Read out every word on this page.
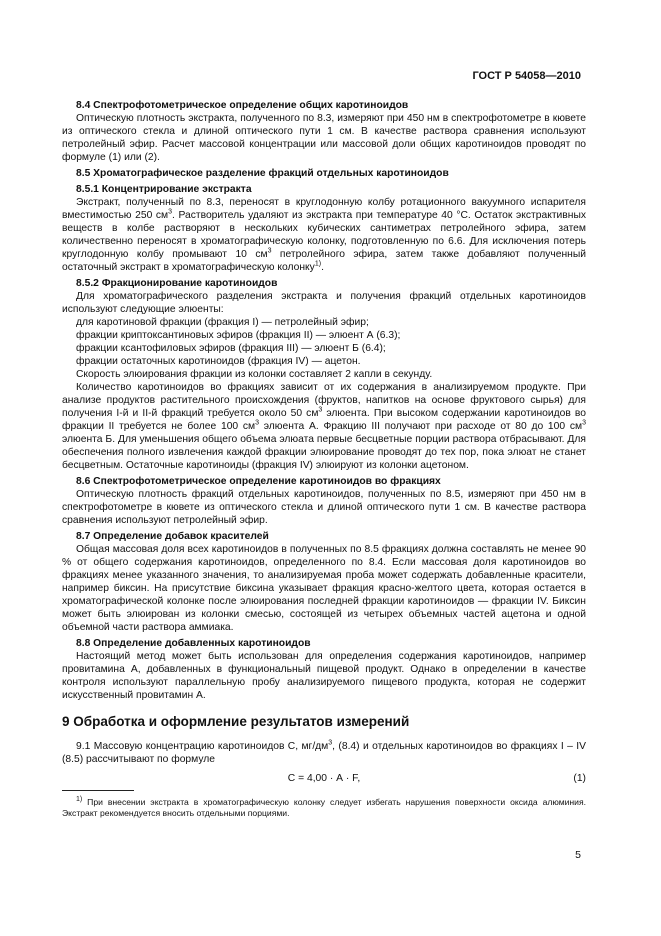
ГОСТ Р 54058—2010
8.4 Спектрофотометрическое определение общих каротиноидов

Оптическую плотность экстракта, полученного по 8.3, измеряют при 450 нм в спектрофотометре в кювете из оптического стекла и длиной оптического пути 1 см. В качестве раствора сравнения используют петролейный эфир. Расчет массовой концентрации или массовой доли общих каротиноидов проводят по формуле (1) или (2).

8.5 Хроматографическое разделение фракций отдельных каротиноидов
8.5.1 Концентрирование экстракта

Экстракт, полученный по 8.3, переносят в круглодонную колбу ротационного вакуумного испарителя вместимостью 250 $см^3$. Растворитель удаляют из экстракта при температуре 40 °С. Остаток экстрактивных веществ в колбе растворяют в нескольких кубических сантиметрах петролейного эфира, затем количественно переносят в хроматографическую колонку, подготовленную по 6.6. Для исключения потерь круглодонную колбу промывают 10 $см^3$ петролейного эфира, затем также добавляют полученный остаточный экстракт в хроматографическую колонку$^{1)}$.

8.5.2 Фракционирование каротиноидов

Для хроматографического разделения экстракта и получения фракций отдельных каротиноидов используют следующие элюенты:

для каротиновой фракции (фракция I) — петролейный эфир;
фракции криптоксантиновых эфиров (фракция II) — элюент А (6.3);
фракции ксантофиловых эфиров (фракция III) — элюент Б (6.4);
фракции остаточных каротиноидов (фракция IV) — ацетон.

Скорость элюирования фракции из колонки составляет 2 капли в секунду.

Количество каротиноидов во фракциях зависит от их содержания в анализируемом продукте. При анализе продуктов растительного происхождения (фруктов, напитков на основе фруктового сырья) для получения I-й и II-й фракций требуется около 50 $см^3$ элюента. При высоком содержании каротиноидов во фракции II требуется не более 100 $см^3$ элюента А. Фракцию III получают при расходе от 80 до 100 $см^3$ элюента Б. Для уменьшения общего объема элюата первые бесцветные порции раствора отбрасывают. Для обеспечения полного извлечения каждой фракции элюирование проводят до тех пор, пока элюат не станет бесцветным. Остаточные каротиноиды (фракция IV) элюируют из колонки ацетоном.

8.6 Спектрофотометрическое определение каротиноидов во фракциях

Оптическую плотность фракций отдельных каротиноидов, полученных по 8.5, измеряют при 450 нм в спектрофотометре в кювете из оптического стекла и длиной оптического пути 1 см. В качестве раствора сравнения используют петролейный эфир.

8.7 Определение добавок красителей

Общая массовая доля всех каротиноидов в полученных по 8.5 фракциях должна составлять не менее 90 % от общего содержания каротиноидов, определенного по 8.4. Если массовая доля каротиноидов во фракциях менее указанного значения, то анализируемая проба может содержать добавленные красители, например биксин. На присутствие биксина указывает фракция красно-желтого цвета, которая остается в хроматографической колонке после элюирования последней фракции каротиноидов — фракции IV. Биксин может быть элюирован из колонки смесью, состоящей из четырех объемных частей ацетона и одной объемной части раствора аммиака.

8.8 Определение добавленных каротиноидов

Настоящий метод может быть использован для определения содержания каротиноидов, например провитамина А, добавленных в функциональный пищевой продукт. Однако в определении в качестве контроля используют параллельную пробу анализируемого пищевого продукта, которая не содержит искусственный провитамин А.

9 Обработка и оформление результатов измерений

9.1 Массовую концентрацию каротиноидов С, $мг/дм^3$, (8.4) и отдельных каротиноидов во фракциях I – IV (8.5) рассчитывают по формуле

С = 4,00 · А · F,	(1)

$^{1)}$ При внесении экстракта в хроматографическую колонку следует избегать нарушения поверхности оксида алюминия. Экстракт рекомендуется вносить отдельными порциями.

5
